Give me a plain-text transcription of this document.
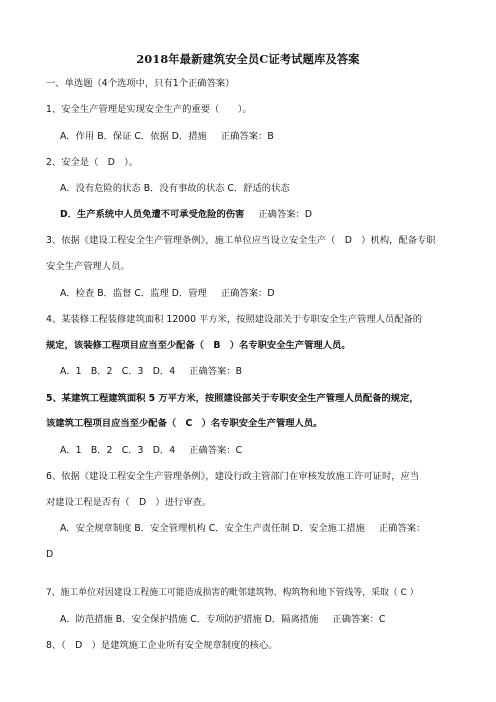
2018年最新建筑安全员C证考试题库及答案
一、单选题（4个选项中，只有1个正确答案）
1、安全生产管理是实现安全生产的重要（　　）。
A．作用 B．保证 C．依据 D．措施 正确答案：B
2、安全是（　D　）。
A．没有危险的状态 B．没有事故的状态 C．舒适的状态
D．生产系统中人员免遭不可承受危险的伤害 正确答案：D
3、依据《建设工程安全生产管理条例》，施工单位应当设立安全生产（　D　）机构，配备专职
安全生产管理人员。
A．检查 B．监督 C．监理 D．管理 正确答案：D
4、某装修工程装修建筑面积 12000 平方米，按照建设部关于专职安全生产管理人员配备的
规定，该装修工程项目应当至少配备（　B　）名专职安全生产管理人员。
A．1　B．2　C．3　D．4 正确答案：B
5、某建筑工程建筑面积 5 万平方米，按照建设部关于专职安全生产管理人员配备的规定，
该建筑工程项目应当至少配备（　C　）名专职安全生产管理人员。
A．1　B．2　C．3　D．4 正确答案：C
6、依据《建设工程安全生产管理条例》，建设行政主管部门在审核发放施工许可证时，应当
对建设工程是否有（　D　）进行审查。
A．安全规章制度 B．安全管理机构 C．安全生产责任制 D．安全施工措施 正确答案：
D
7、施工单位对因建设工程施工可能造成损害的毗邻建筑物、构筑物和地下管线等，采取（ C ）
A．防范措施 B．安全保护措施 C．专项防护措施 D．隔离措施 正确答案：C
8、（　D　）是建筑施工企业所有安全规章制度的核心。
